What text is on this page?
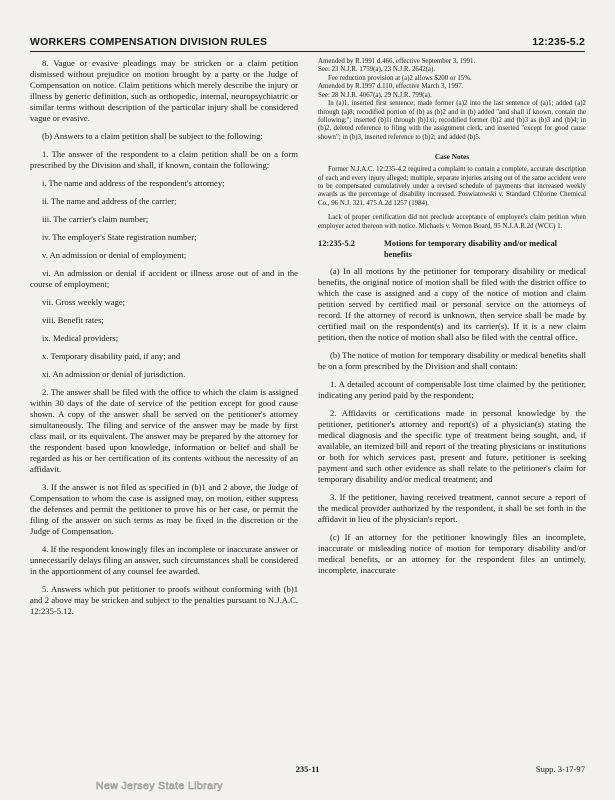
WORKERS COMPENSATION DIVISION RULES	12:235-5.2

8. Vague or evasive pleadings may be stricken or a claim petition dismissed without prejudice on motion brought by a party or the Judge of Compensation on notice. Claim petitions which merely describe the injury or illness by generic definition, such as orthopedic, internal, neuropsychiatric or similar terms without description of the particular injury shall be considered vague or evasive.

(b) Answers to a claim petition shall be subject to the following:

1. The answer of the respondent to a claim petition shall be on a form prescribed by the Division and shall, if known, contain the following:

i. The name and address of the respondent's attorney;

ii. The name and address of the carrier;

iii. The carrier's claim number;

iv. The employer's State registration number;

v. An admission or denial of employment;

vi. An admission or denial if accident or illness arose out of and in the course of employment;

vii. Gross weekly wage;

viii. Benefit rates;

ix. Medical providers;

x. Temporary disability paid, if any; and

xi. An admission or denial of jurisdiction.

2. The answer shall be filed with the office to which the claim is assigned within 30 days of the date of service of the petition except for good cause shown. A copy of the answer shall be served on the petitioner's attorney simultaneously. The filing and service of the answer may be made by first class mail, or its equivalent. The answer may be prepared by the attorney for the respondent based upon knowledge, information or belief and shall be regarded as his or her certification of its contents without the necessity of an affidavit.

3. If the answer is not filed as specified in (b)1 and 2 above, the Judge of Compensation to whom the case is assigned may, on motion, either suppress the defenses and permit the petitioner to prove his or her case, or permit the filing of the answer on such terms as may be fixed in the discretion or the Judge of Compensation.

4. If the respondent knowingly files an incomplete or inaccurate answer or unnecessarily delays filing an answer, such circumstances shall be considered in the apportionment of any counsel fee awarded.

5. Answers which put petitioner to proofs without conforming with (b)1 and 2 above may be stricken and subject to the penalties pursuant to N.J.A.C. 12:235-5.12.

Amended by R.1991 d.466, effective September 3, 1991.

See: 23 N.J.R. 1759(a), 23 N.J.R. 2642(a).

Fee reduction provision at (a)2 allows $200 or 15%.

Amended by R.1997 d.110, effective March 3, 1997.

See: 28 N.J.R. 4067(a), 29 N.J.R. 799(a).

In (a)1, inserted first sentence; made former (a)2 into the last sentence of (a)1; added (a)2 through (a)8; recodified portion of (b) as (b)2 and in (b) added "and shall if known, contain the following:"; inserted (b)1i through (b)1xi; recodified former (b)2 and (b)3 as (b)3 and (b)4; in (b)2, deleted reference to filing with the assignment clerk, and inserted "except for good cause shown"; in (b)3, inserted reference to (b)2; and added (b)5.

Case Notes

Former N.J.A.C. 12:235-4.2 required a complaint to contain a complete, accurate description of each and every injury alleged; multiple, separate injuries arising out of the same accident were to be compensated cumulatively under a revised schedule of payments that increased weekly awards as the percentage of disability increased. Poswiatowski v. Standard Chlorine Chemical Co., 96 N.J. 321, 475 A.2d 1257 (1984).

Lack of proper certification did not preclude acceptance of employee's claim petition when employer acted thereon with notice. Michaels v. Vernon Board, 95 N.J.A.R.2d (WCC) 1.

12:235-5.2	Motions for temporary disability and/or medical benefits

(a) In all motions by the petitioner for temporary disability or medical benefits, the original notice of motion shall be filed with the district office to which the case is assigned and a copy of the notice of motion and claim petition served by certified mail or personal service on the attorneys of record. If the attorney of record is unknown, then service shall be made by certified mail on the respondent(s) and its carrier(s). If it is a new claim petition, then the notice of motion shall also be filed with the central office.

(b) The notice of motion for temporary disability or medical benefits shall be on a form prescribed by the Division and shall contain:

1. A detailed account of compensable lost time claimed by the petitioner, indicating any period paid by the respondent;

2. Affidavits or certifications made in personal knowledge by the petitioner, petitioner's attorney and report(s) of a physician(s) stating the medical diagnosis and the specific type of treatment being sought, and, if available, an itemized bill and report of the treating physicians or institutions or both for which services past, present and future, petitioner is seeking payment and such other evidence as shall relate to the petitioner's claim for temporary disability and/or medical treatment; and

3. If the petitioner, having received treatment, cannot secure a report of the medical provider authorized by the respondent, it shall be set forth in the affidavit in lieu of the physician's report.

(c) If an attorney for the petitioner knowingly files an incomplete, inaccurate or misleading notice of motion for temporary disability and/or medical benefits, or an attorney for the respondent files an untimely, incomplete, inaccurate

235-11	Supp. 3-17-97
New Jersey State Library
